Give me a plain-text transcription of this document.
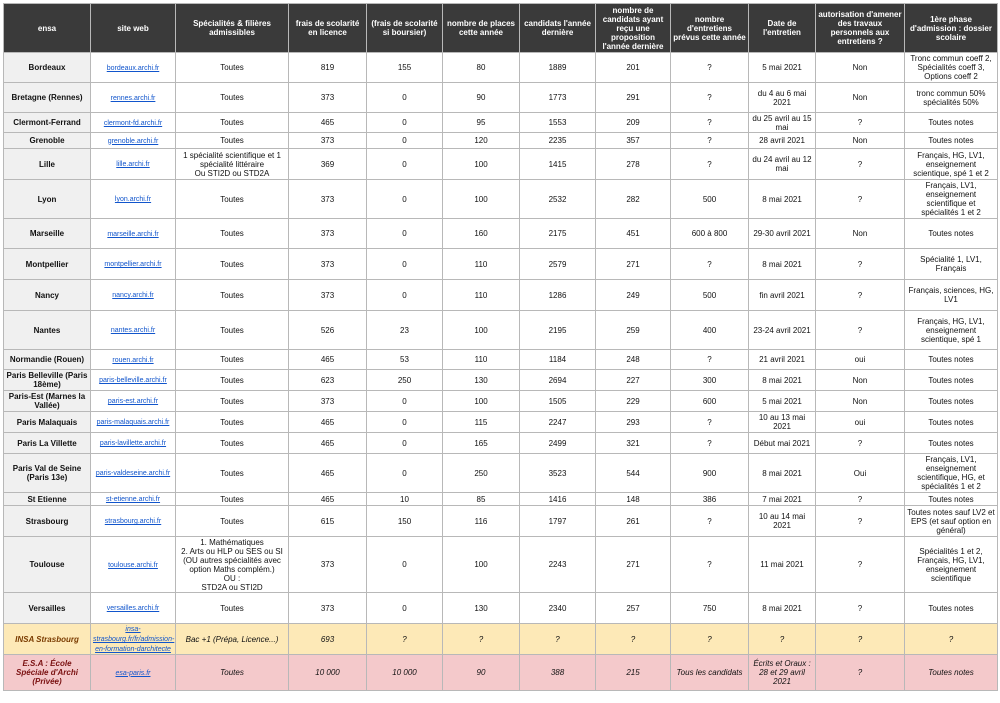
ensa	site web	Spécialités & filières admissibles	frais de scolarité en licence	(frais de scolarité si boursier)	nombre de places cette année	candidats l'année dernière	nombre de candidats ayant reçu une proposition l'année dernière	nombre d'entretiens prévus cette année	Date de l'entretien	autorisation d'amener des travaux personnels aux entretiens ?	1ère phase d'admission : dossier scolaire
Bordeaux	bordeaux.archi.fr	Toutes	819	155	80	1889	201	?	5 mai 2021	Non	Tronc commun coeff 2, Spécialités coeff 3, Options coeff 2
Bretagne (Rennes)	rennes.archi.fr	Toutes	373	0	90	1773	291	?	du 4 au 6 mai 2021	Non	tronc commun 50% spécialités 50%
Clermont-Ferrand	clermont-fd.archi.fr	Toutes	465	0	95	1553	209	?	du 25 avril au 15 mai	?	Toutes notes
Grenoble	grenoble.archi.fr	Toutes	373	0	120	2235	357	?	28 avril 2021	Non	Toutes notes
Lille	lille.archi.fr	1 spécialité scientifique et 1 spécialité littéraire
Ou STI2D ou STD2A	369	0	100	1415	278	?	du 24 avril au 12 mai	?	Français, HG, LV1, enseignement scientique, spé 1 et 2
Lyon	lyon.archi.fr	Toutes	373	0	100	2532	282	500	8 mai 2021	?	Français, LV1, enseignement scientifique et spécialités 1 et 2
Marseille	marseille.archi.fr	Toutes	373	0	160	2175	451	600 à 800	29-30 avril 2021	Non	Toutes notes
Montpellier	montpellier.archi.fr	Toutes	373	0	110	2579	271	?	8 mai 2021	?	Spécialité 1, LV1, Français
Nancy	nancy.archi.fr	Toutes	373	0	110	1286	249	500	fin avril 2021	?	Français, sciences, HG, LV1
Nantes	nantes.archi.fr	Toutes	526	23	100	2195	259	400	23-24 avril 2021	?	Français, HG, LV1, enseignement scientique, spé 1
Normandie (Rouen)	rouen.archi.fr	Toutes	465	53	110	1184	248	?	21 avril 2021	oui	Toutes notes
Paris Belleville (Paris 18ème)	paris-belleville.archi.fr	Toutes	623	250	130	2694	227	300	8 mai 2021	Non	Toutes notes
Paris-Est (Marnes la Vallée)	paris-est.archi.fr	Toutes	373	0	100	1505	229	600	5 mai 2021	Non	Toutes notes
Paris Malaquais	paris-malaquais.archi.fr	Toutes	465	0	115	2247	293	?	10 au 13 mai 2021	oui	Toutes notes
Paris La Villette	paris-lavillette.archi.fr	Toutes	465	0	165	2499	321	?	Début mai 2021	?	Toutes notes
Paris Val de Seine (Paris 13e)	paris-valdeseine.archi.fr	Toutes	465	0	250	3523	544	900	8 mai 2021	Oui	Français, LV1, enseignement scientifique, HG, et spécialités 1 et 2
St Etienne	st-etienne.archi.fr	Toutes	465	10	85	1416	148	386	7 mai 2021	?	Toutes notes
Strasbourg	strasbourg.archi.fr	Toutes	615	150	116	1797	261	?	10 au 14 mai 2021	?	Toutes notes sauf LV2 et EPS (et sauf option en général)
Toulouse	toulouse.archi.fr	1. Mathématiques
2. Arts ou HLP ou SES ou SI (OU autres spécialités avec option Maths complém.)
OU :
STD2A ou STI2D	373	0	100	2243	271	?	11 mai 2021	?	Spécialités 1 et 2, Français, HG, LV1, enseignement scientifique
Versailles	versailles.archi.fr	Toutes	373	0	130	2340	257	750	8 mai 2021	?	Toutes notes
INSA Strasbourg	insa-strasbourg.fr/fr/admission-en-formation-darchitecte	Bac +1 (Prépa, Licence...)	693	?	?	?	?	?	?	?	?
E.S.A : École Spéciale d'Archi (Privée)	esa-paris.fr	Toutes	10 000	10 000	90	388	215	Tous les candidats	Écrits et Oraux : 28 et 29 avril 2021	?	Toutes notes
